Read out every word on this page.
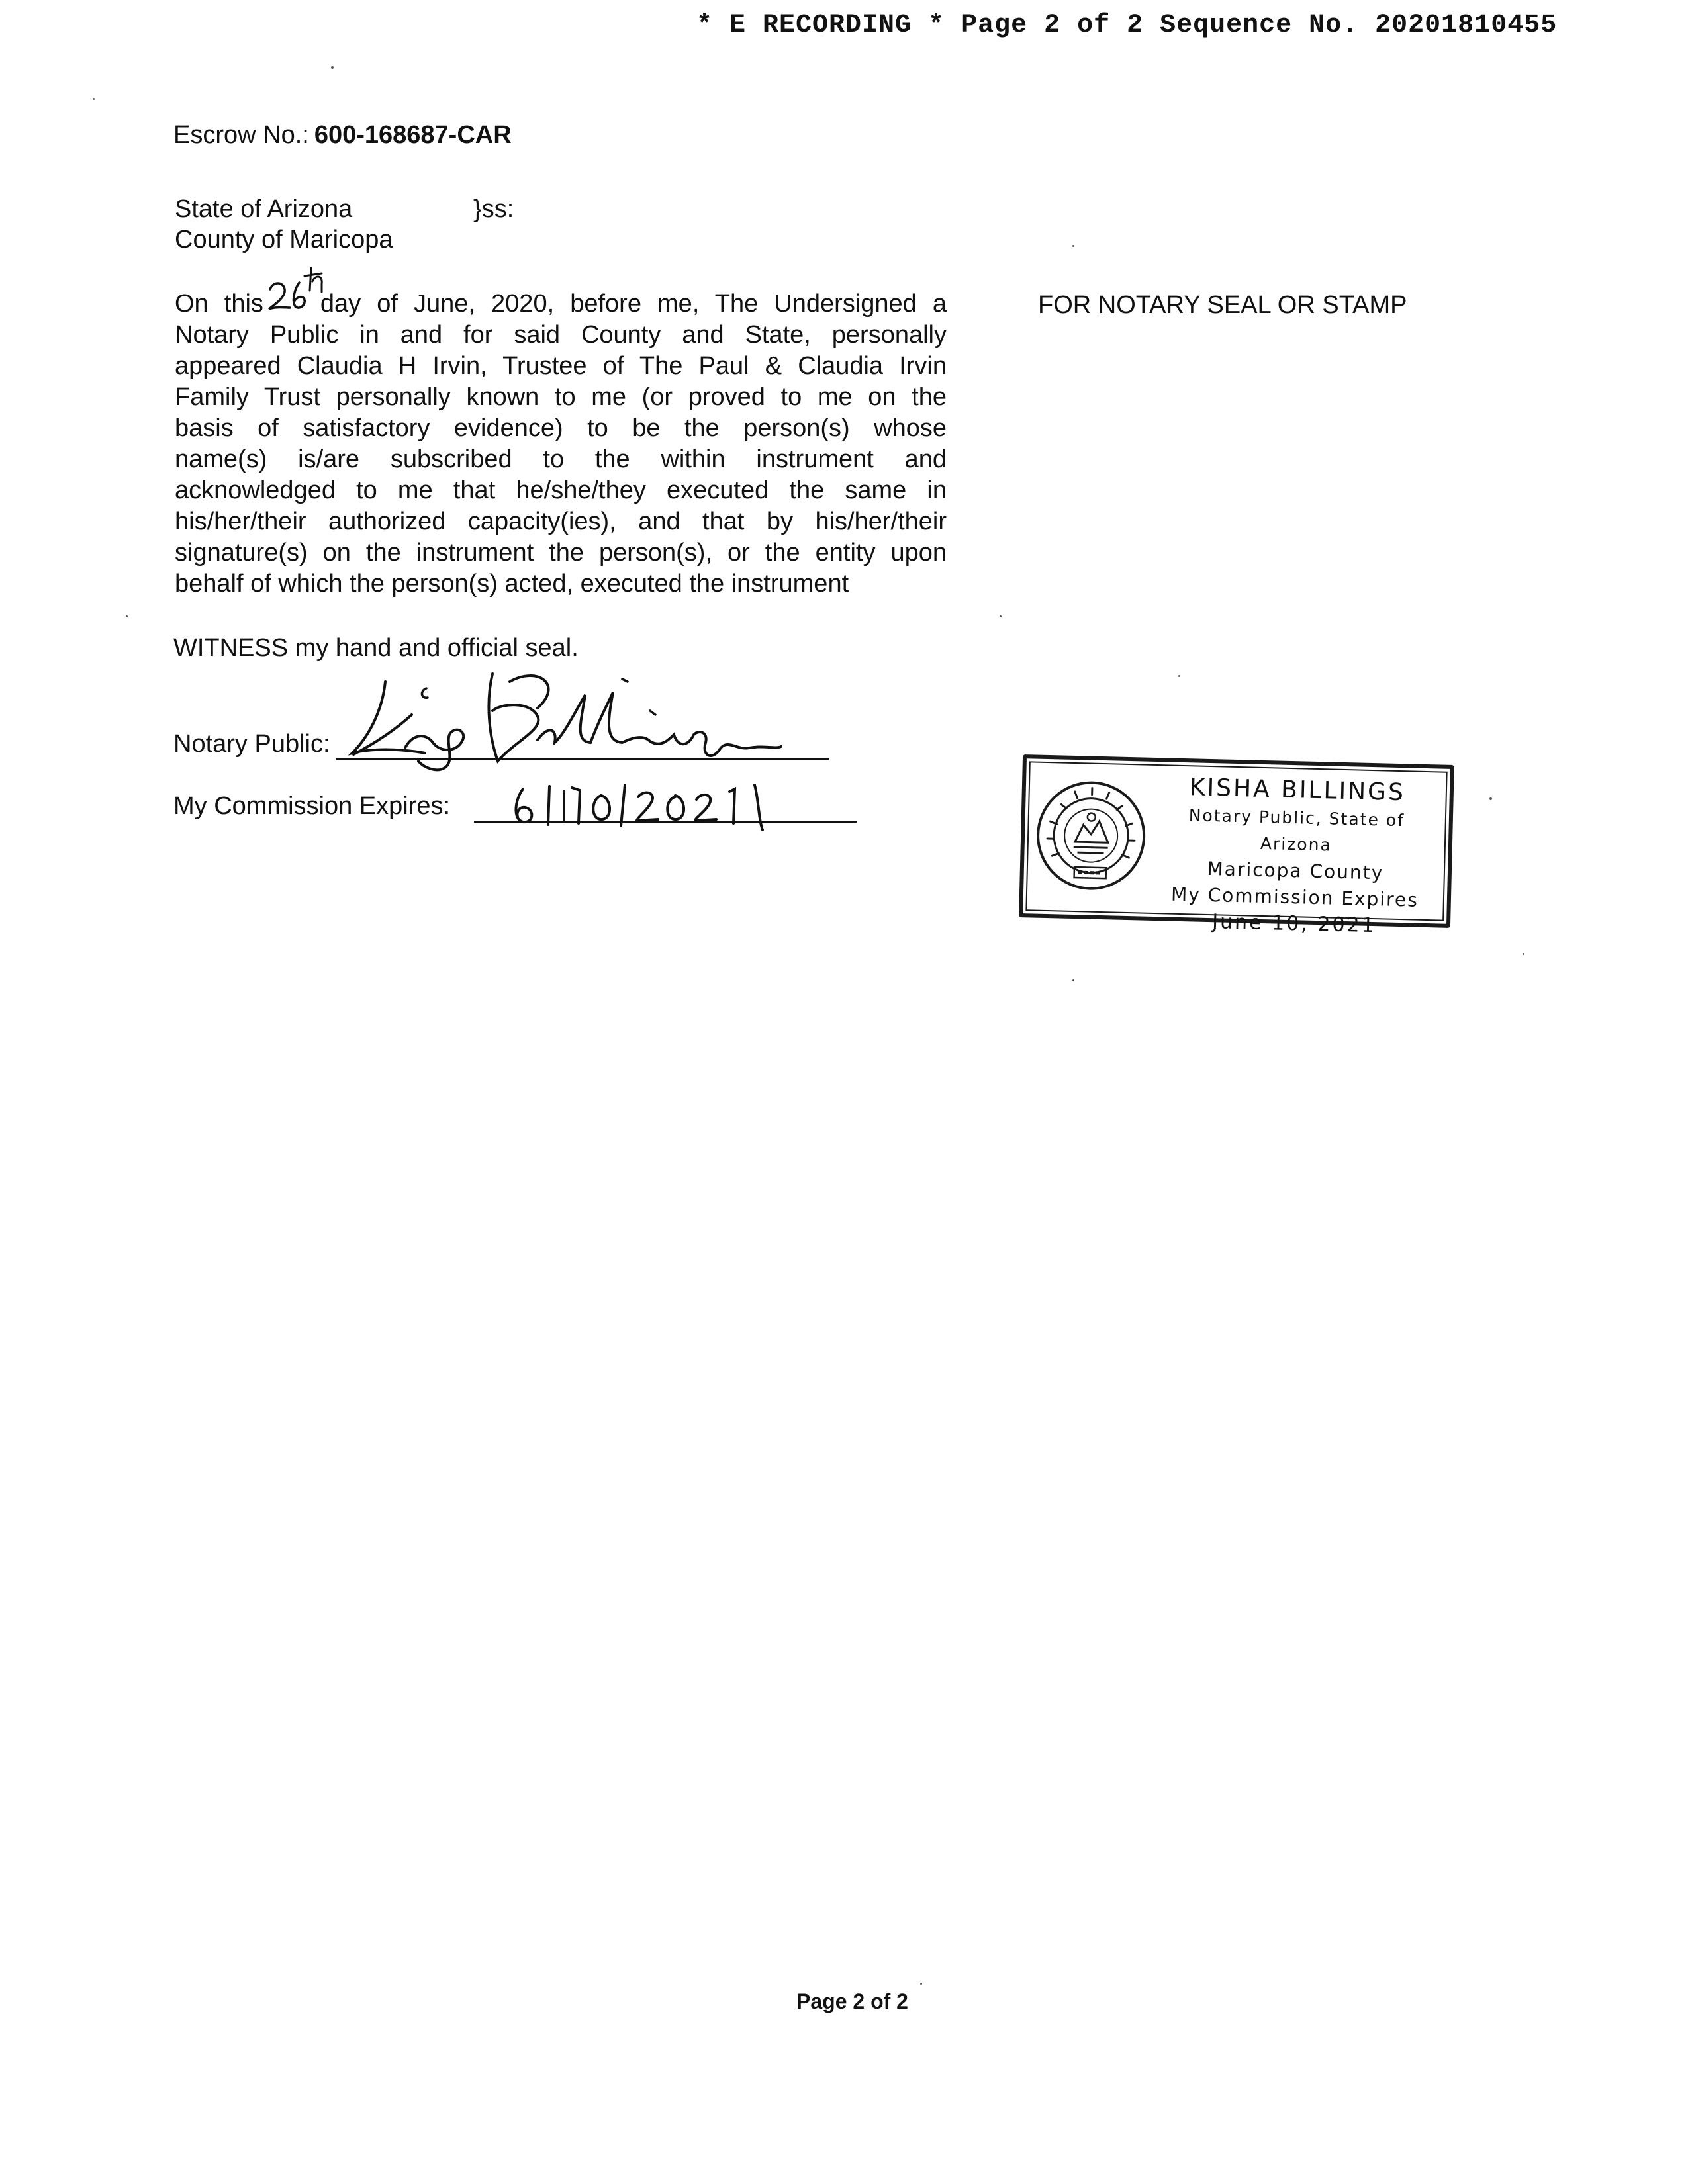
* E RECORDING * Page 2 of 2 Sequence No. 20201810455
Escrow No.: 600-168687-CAR
State of Arizona	}ss:
County of Maricopa
On this day of June, 2020, before me, The Undersigned a
Notary Public in and for said County and State, personally
appeared Claudia H Irvin, Trustee of The Paul & Claudia Irvin
Family Trust personally known to me (or proved to me on the
basis of satisfactory evidence) to be the person(s) whose
name(s) is/are subscribed to the within instrument and
acknowledged to me that he/she/they executed the same in
his/her/their authorized capacity(ies), and that by his/her/their
signature(s) on the instrument the person(s), or the entity upon
behalf of which the person(s) acted, executed the instrument
FOR NOTARY SEAL OR STAMP
WITNESS my hand and official seal.
Notary Public:
My Commission Expires:	KISHA BILLINGS
Notary Public, State of Arizona
Maricopa County
My Commission Expires
June 10, 2021
Page 2 of 2
